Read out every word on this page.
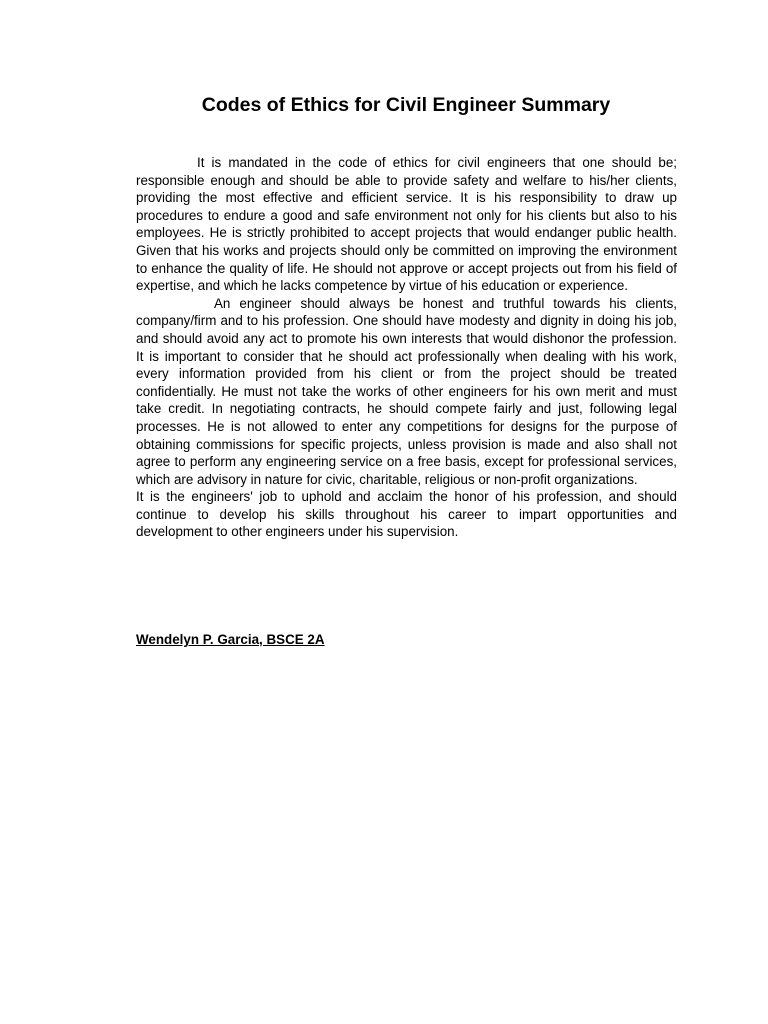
Codes of Ethics for Civil Engineer Summary

It is mandated in the code of ethics for civil engineers that one should be; responsible enough and should be able to provide safety and welfare to his/her clients, providing the most effective and efficient service. It is his responsibility to draw up procedures to endure a good and safe environment not only for his clients but also to his employees. He is strictly prohibited to accept projects that would endanger public health. Given that his works and projects should only be committed on improving the environment to enhance the quality of life. He should not approve or accept projects out from his field of expertise, and which he lacks competence by virtue of his education or experience.

An engineer should always be honest and truthful towards his clients, company/firm and to his profession. One should have modesty and dignity in doing his job, and should avoid any act to promote his own interests that would dishonor the profession. It is important to consider that he should act professionally when dealing with his work, every information provided from his client or from the project should be treated confidentially. He must not take the works of other engineers for his own merit and must take credit. In negotiating contracts, he should compete fairly and just, following legal processes. He is not allowed to enter any competitions for designs for the purpose of obtaining commissions for specific projects, unless provision is made and also shall not agree to perform any engineering service on a free basis, except for professional services, which are advisory in nature for civic, charitable, religious or non-profit organizations.

It is the engineers' job to uphold and acclaim the honor of his profession, and should continue to develop his skills throughout his career to impart opportunities and development to other engineers under his supervision.

Wendelyn P. Garcia, BSCE 2A
